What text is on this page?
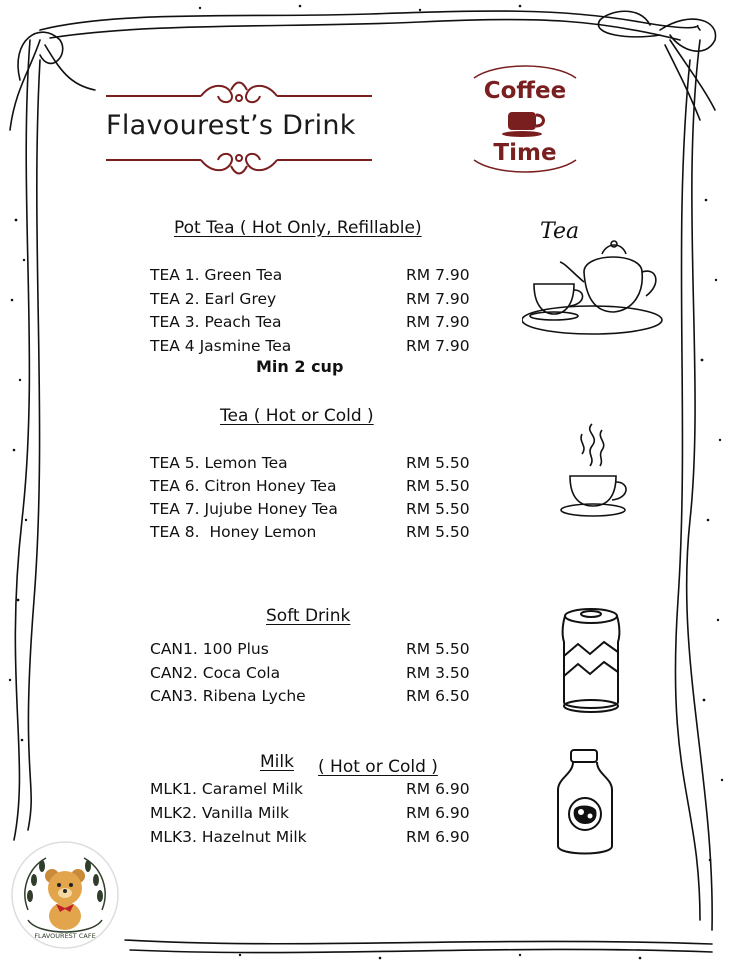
Flavourest’s Drink
Coffee
Time
Pot Tea ( Hot Only, Refillable)
TEA 1. Green Tea	RM 7.90
TEA 2. Earl Grey	RM 7.90
TEA 3. Peach Tea	RM 7.90
TEA 4 Jasmine Tea	RM 7.90
Min 2 cup
Tea
Tea ( Hot or Cold )
TEA 5. Lemon Tea	RM 5.50
TEA 6. Citron Honey Tea	RM 5.50
TEA 7. Jujube Honey Tea	RM 5.50
TEA 8. Honey Lemon	RM 5.50
Soft Drink
CAN1. 100 Plus	RM 5.50
CAN2. Coca Cola	RM 3.50
CAN3. Ribena Lyche	RM 6.50
Milk ( Hot or Cold )
MLK1. Caramel Milk	RM 6.90
MLK2. Vanilla Milk	RM 6.90
MLK3. Hazelnut Milk	RM 6.90
FLAVOUREST CAFE
